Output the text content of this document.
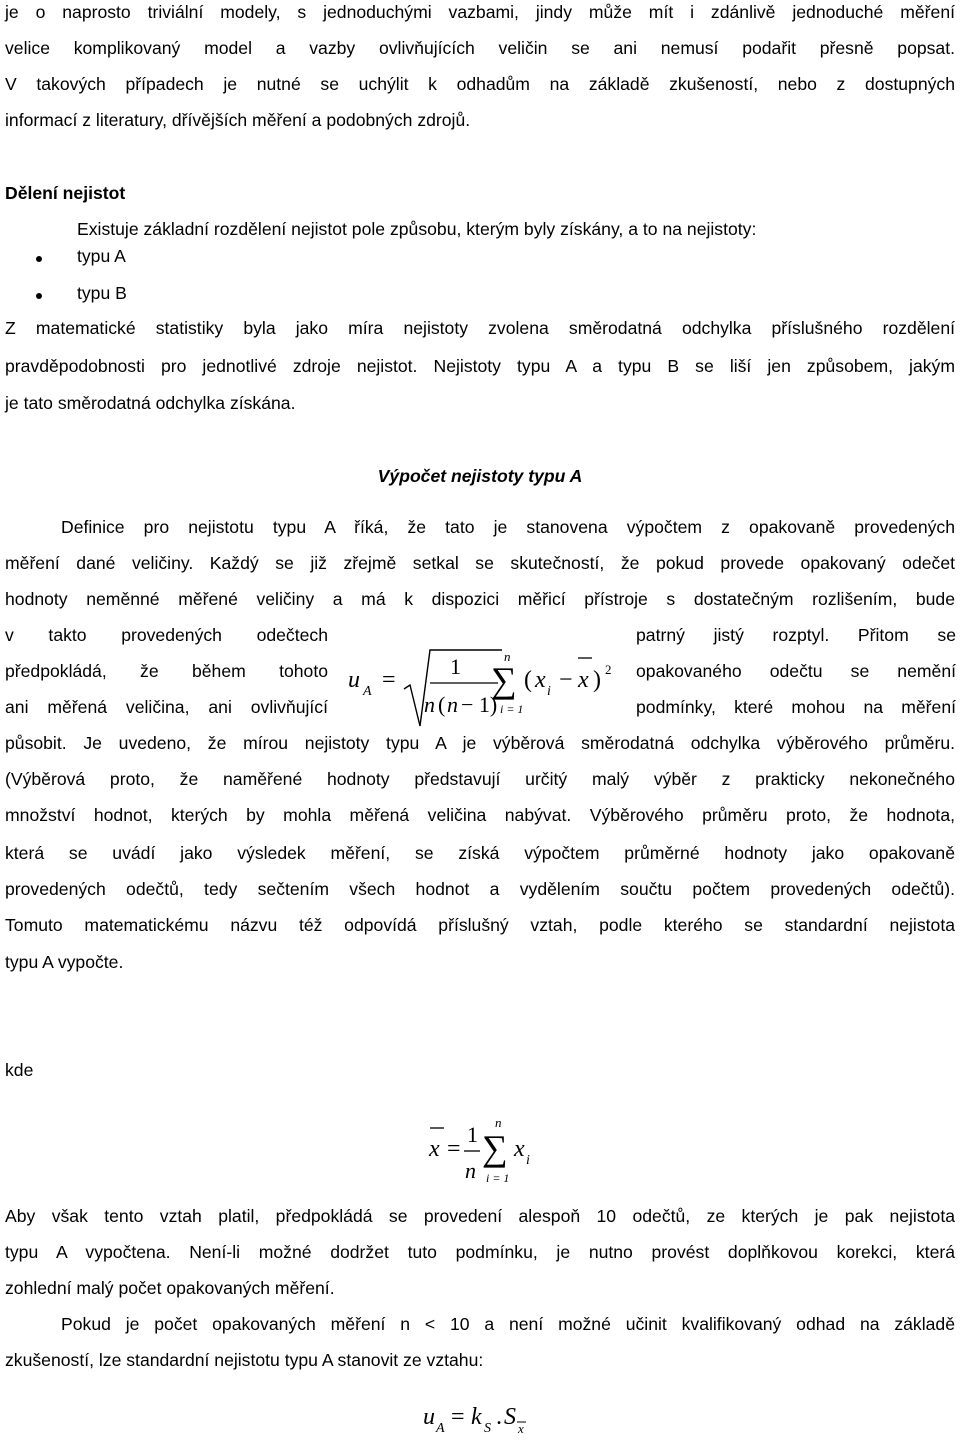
je o naprosto triviální modely, s jednoduchými vazbami, jindy může mít i zdánlivě jednoduché měření
velice komplikovaný model a vazby ovlivňujících veličin se ani nemusí podařit přesně popsat.
V takových případech je nutné se uchýlit k odhadům na základě zkušeností, nebo z dostupných
informací z literatury, dřívějších měření a podobných zdrojů.
Dělení nejistot
Existuje základní rozdělení nejistot pole způsobu, kterým byly získány, a to na nejistoty:
typu A
typu B
Z matematické statistiky byla jako míra nejistoty zvolena směrodatná odchylka příslušného rozdělení
pravděpodobnosti pro jednotlivé zdroje nejistot. Nejistoty typu A a typu B se liší jen způsobem, jakým
je tato směrodatná odchylka získána.
Výpočet nejistoty typu A
Definice pro nejistotu typu A říká, že tato je stanovena výpočtem z opakovaně provedených
měření dané veličiny. Každý se již zřejmě setkal se skutečností, že pokud provede opakovaný odečet
hodnoty neměnné měřené veličiny a má k dispozici měřicí přístroje s dostatečným rozlišením, bude
v takto provedených odečtech
předpokládá, že během tohoto
ani měřená veličina, ani ovlivňující
patrný jistý rozptyl. Přitom se
opakovaného odečtu se nemění
podmínky, které mohou na měření
u A =
1
n ( n − 1)
n
∑
i = 1
( x i − x ) 2
působit. Je uvedeno, že mírou nejistoty typu A je výběrová směrodatná odchylka výběrového průměru.
(Výběrová proto, že naměřené hodnoty představují určitý malý výběr z prakticky nekonečného
množství hodnot, kterých by mohla měřená veličina nabývat. Výběrového průměru proto, že hodnota,
která se uvádí jako výsledek měření, se získá výpočtem průměrné hodnoty jako opakovaně
provedených odečtů, tedy sečtením všech hodnot a vydělením součtu počtem provedených odečtů).
Tomuto matematickému názvu též odpovídá příslušný vztah, podle kterého se standardní nejistota
typu A vypočte.
kde
x =
1
n
n
∑
i = 1
x i
Aby však tento vztah platil, předpokládá se provedení alespoň 10 odečtů, ze kterých je pak nejistota
typu A vypočtena. Není-li možné dodržet tuto podmínku, je nutno provést doplňkovou korekci, která
zohlední malý počet opakovaných měření.
Pokud je počet opakovaných měření n < 10 a není možné učinit kvalifikovaný odhad na základě
zkušeností, lze standardní nejistotu typu A stanovit ze vztahu:
u A = k S . S x
